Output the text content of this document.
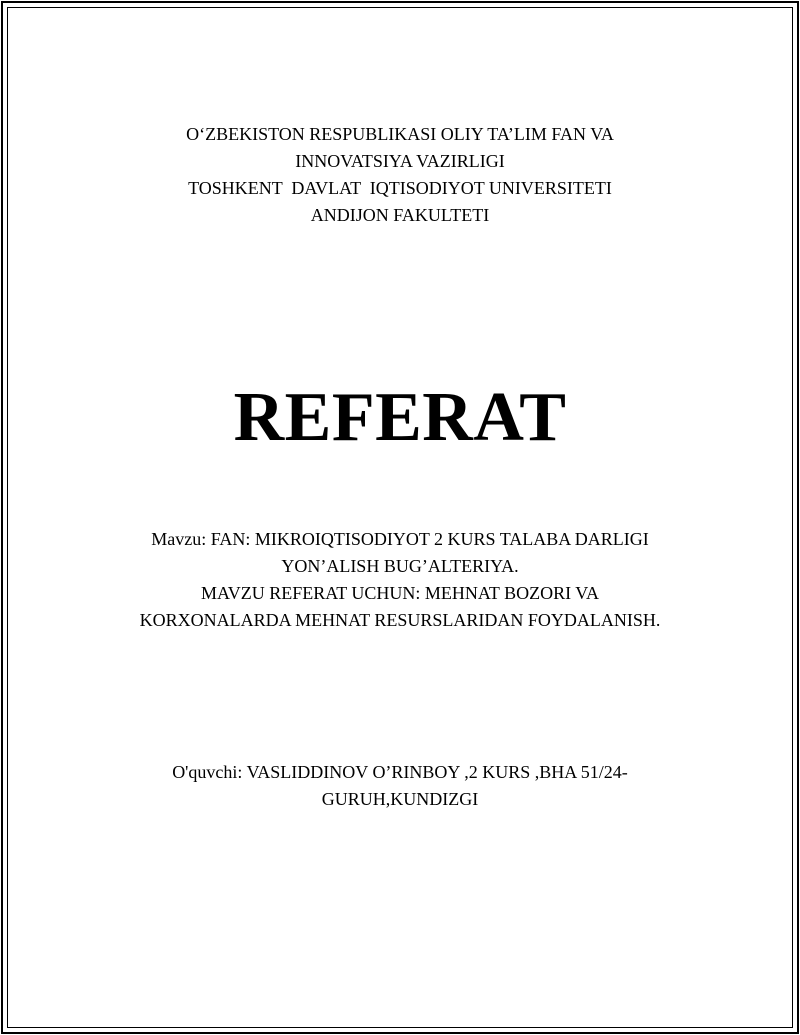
O‘ZBEKISTON RESPUBLIKASI OLIY TA’LIM FAN VA
INNOVATSIYA VAZIRLIGI
TOSHKENT  DAVLAT  IQTISODIYOT UNIVERSITETI
ANDIJON FAKULTETI
REFERAT
Mavzu: FAN: MIKROIQTISODIYOT 2 KURS TALABA DARLIGI
YON’ALISH BUG’ALTERIYA.
MAVZU REFERAT UCHUN: MEHNAT BOZORI VA
KORXONALARDA MEHNAT RESURSLARIDAN FOYDALANISH.
O'quvchi: VASLIDDINOV O’RINBOY ,2 KURS ,BHA 51/24-
GURUH,KUNDIZGI
